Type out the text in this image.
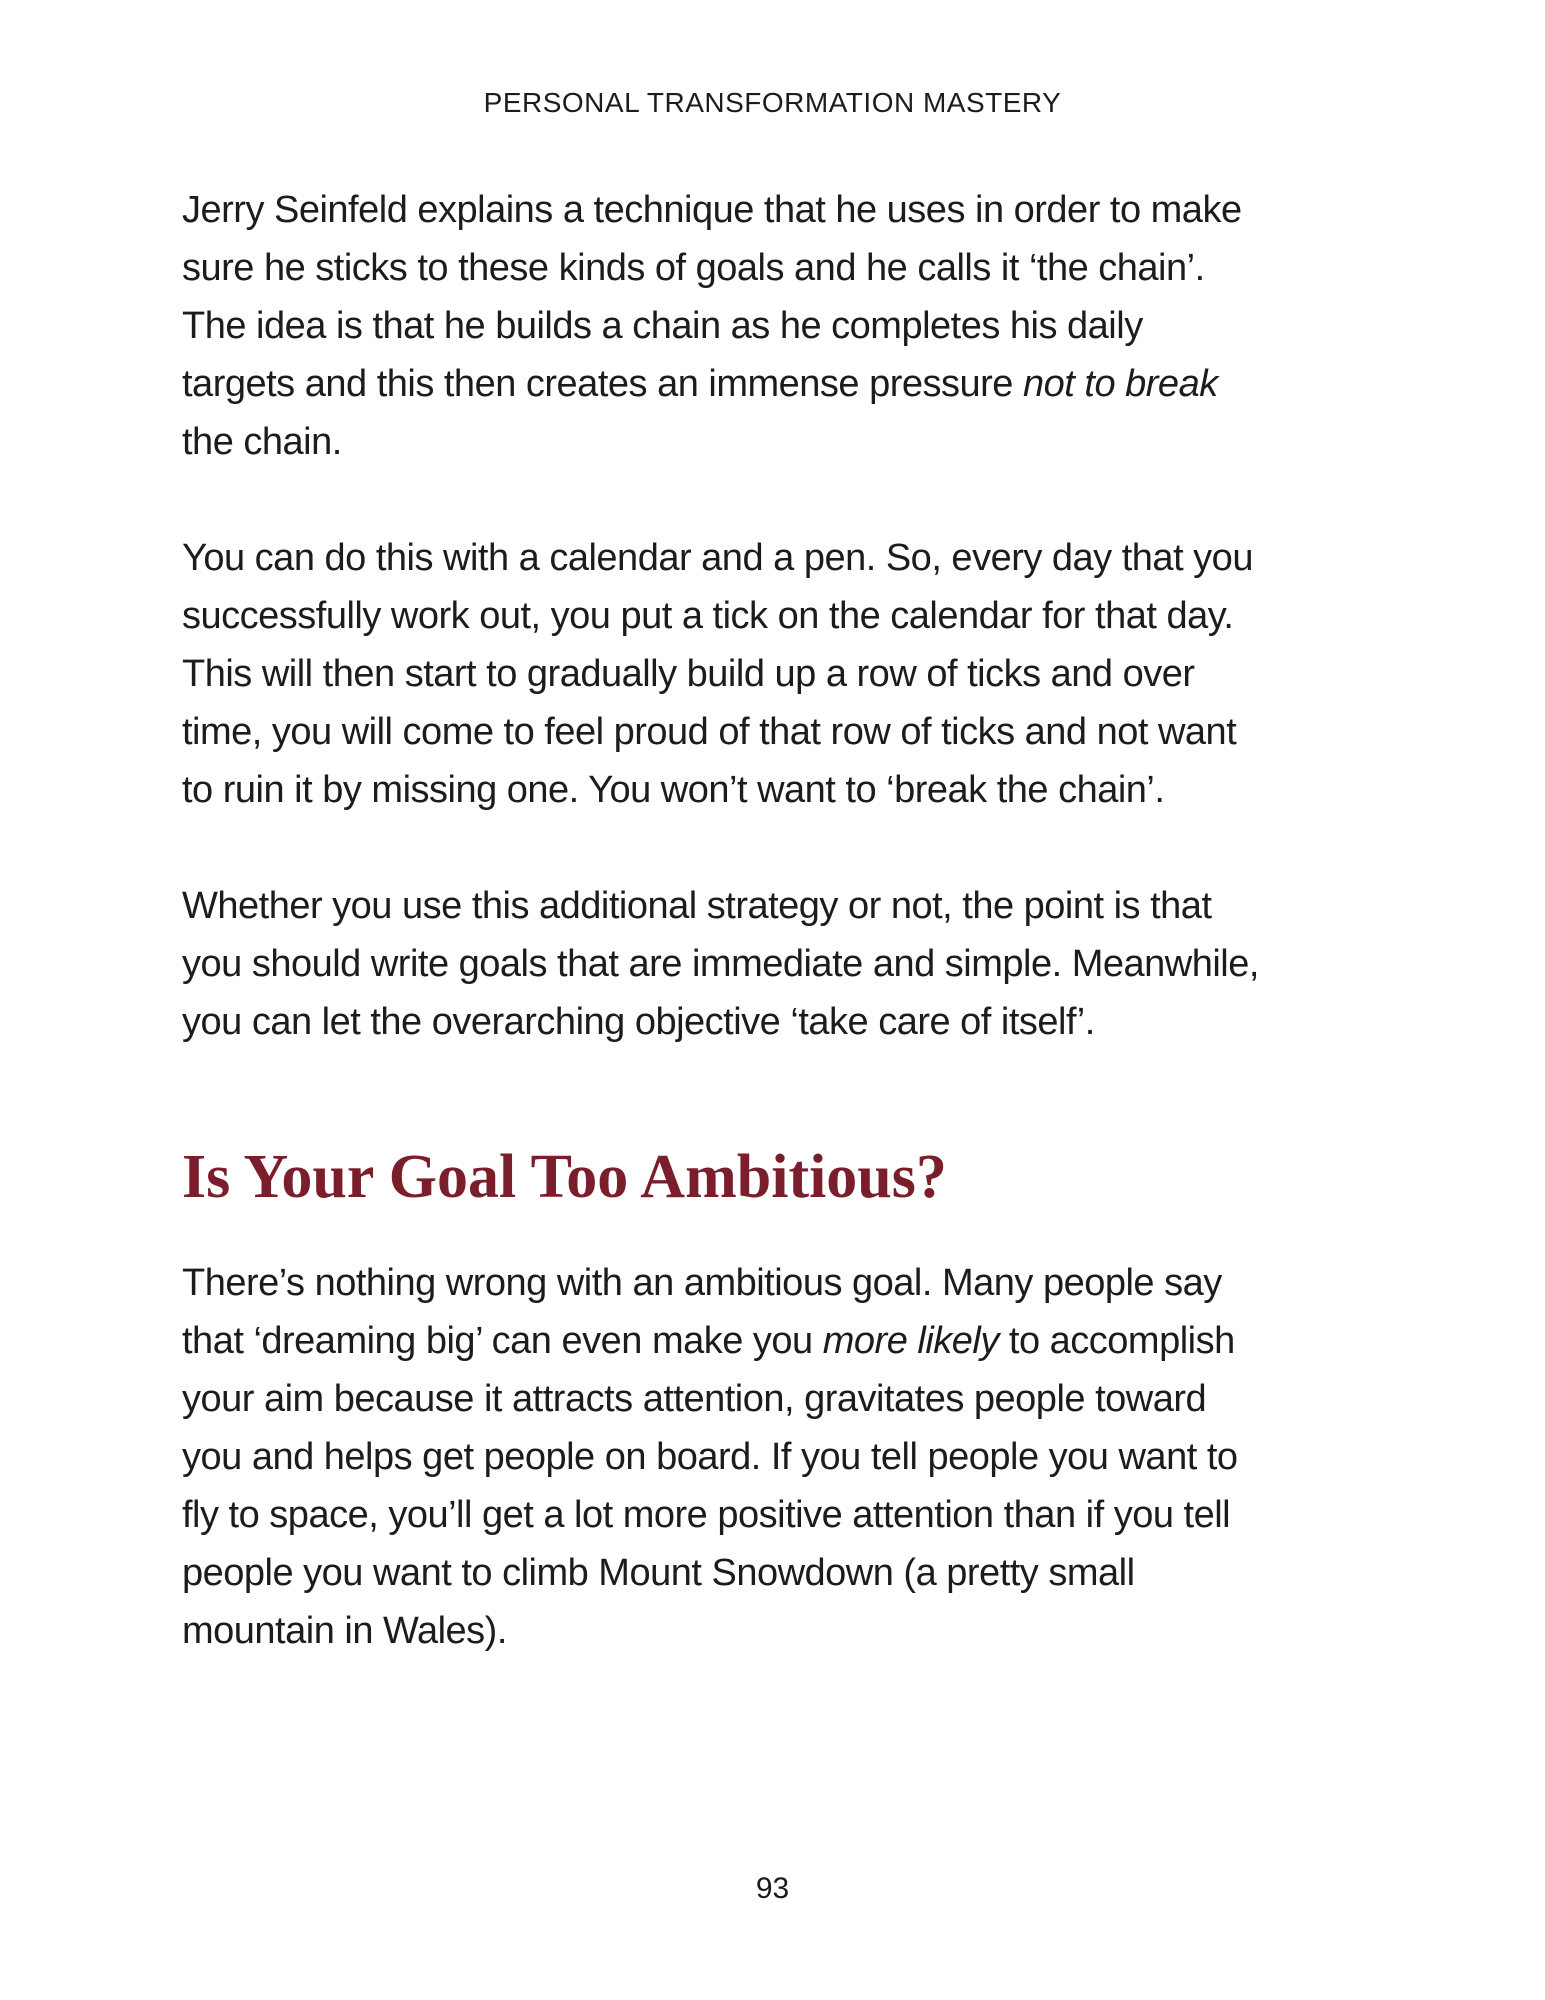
PERSONAL TRANSFORMATION MASTERY
Jerry Seinfeld explains a technique that he uses in order to make
sure he sticks to these kinds of goals and he calls it ‘the chain’.
The idea is that he builds a chain as he completes his daily
targets and this then creates an immense pressure not to break
the chain.
You can do this with a calendar and a pen. So, every day that you
successfully work out, you put a tick on the calendar for that day.
This will then start to gradually build up a row of ticks and over
time, you will come to feel proud of that row of ticks and not want
to ruin it by missing one. You won’t want to ‘break the chain’.
Whether you use this additional strategy or not, the point is that
you should write goals that are immediate and simple. Meanwhile,
you can let the overarching objective ‘take care of itself’.
Is Your Goal Too Ambitious?
There’s nothing wrong with an ambitious goal. Many people say
that ‘dreaming big’ can even make you more likely to accomplish
your aim because it attracts attention, gravitates people toward
you and helps get people on board. If you tell people you want to
fly to space, you’ll get a lot more positive attention than if you tell
people you want to climb Mount Snowdown (a pretty small
mountain in Wales).
93
